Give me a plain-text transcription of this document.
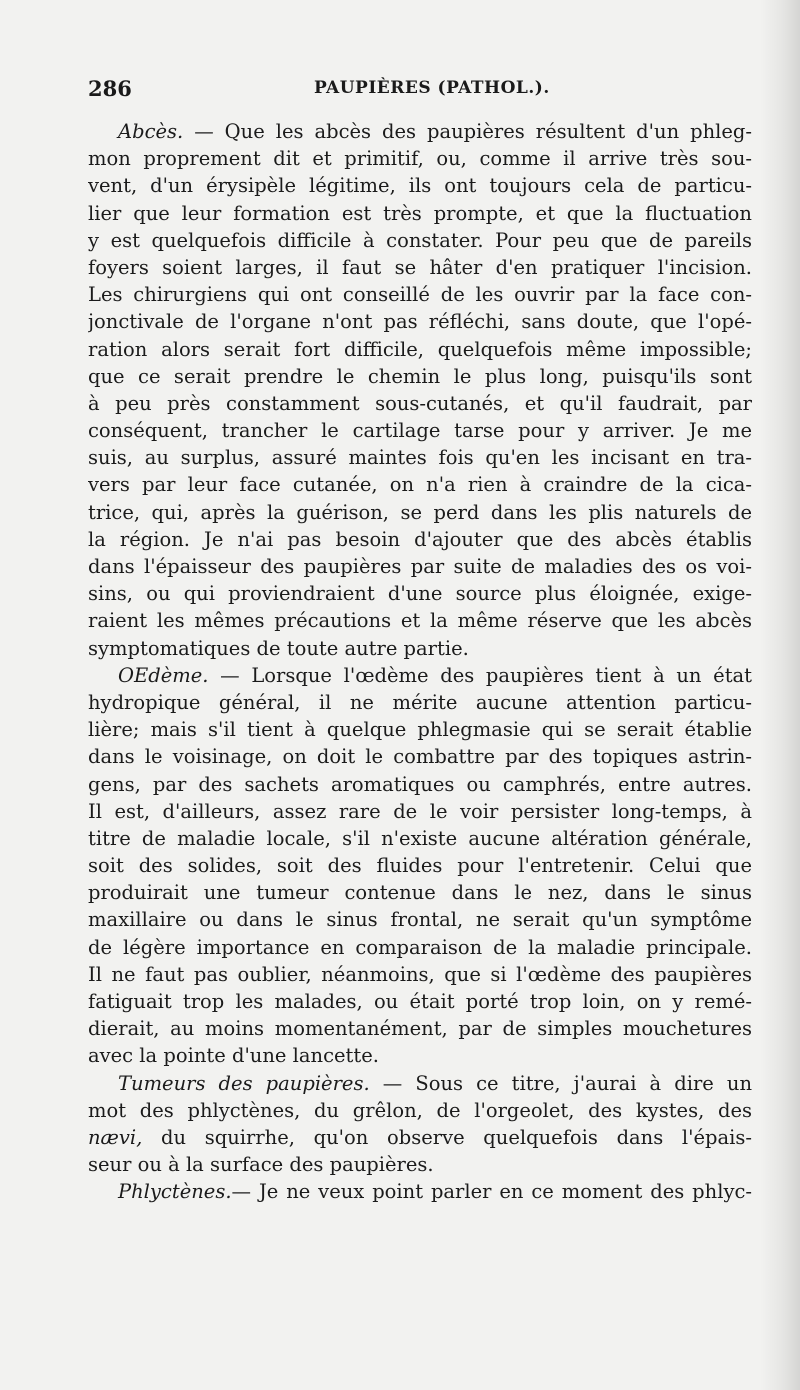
286	PAUPIÈRES (PATHOL.).
Abcès. — Que les abcès des paupières résultent d'un phleg-
mon proprement dit et primitif, ou, comme il arrive très sou-
vent, d'un érysipèle légitime, ils ont toujours cela de particu-
lier que leur formation est très prompte, et que la fluctuation
y est quelquefois difficile à constater. Pour peu que de pareils
foyers soient larges, il faut se hâter d'en pratiquer l'incision.
Les chirurgiens qui ont conseillé de les ouvrir par la face con-
jonctivale de l'organe n'ont pas réfléchi, sans doute, que l'opé-
ration alors serait fort difficile, quelquefois même impossible;
que ce serait prendre le chemin le plus long, puisqu'ils sont
à peu près constamment sous-cutanés, et qu'il faudrait, par
conséquent, trancher le cartilage tarse pour y arriver. Je me
suis, au surplus, assuré maintes fois qu'en les incisant en tra-
vers par leur face cutanée, on n'a rien à craindre de la cica-
trice, qui, après la guérison, se perd dans les plis naturels de
la région. Je n'ai pas besoin d'ajouter que des abcès établis
dans l'épaisseur des paupières par suite de maladies des os voi-
sins, ou qui proviendraient d'une source plus éloignée, exige-
raient les mêmes précautions et la même réserve que les abcès
symptomatiques de toute autre partie.
OEdème. — Lorsque l'œdème des paupières tient à un état
hydropique général, il ne mérite aucune attention particu-
lière; mais s'il tient à quelque phlegmasie qui se serait établie
dans le voisinage, on doit le combattre par des topiques astrin-
gens, par des sachets aromatiques ou camphrés, entre autres.
Il est, d'ailleurs, assez rare de le voir persister long-temps, à
titre de maladie locale, s'il n'existe aucune altération générale,
soit des solides, soit des fluides pour l'entretenir. Celui que
produirait une tumeur contenue dans le nez, dans le sinus
maxillaire ou dans le sinus frontal, ne serait qu'un symptôme
de légère importance en comparaison de la maladie principale.
Il ne faut pas oublier, néanmoins, que si l'œdème des paupières
fatiguait trop les malades, ou était porté trop loin, on y remé-
dierait, au moins momentanément, par de simples mouchetures
avec la pointe d'une lancette.
Tumeurs des paupières. — Sous ce titre, j'aurai à dire un
mot des phlyctènes, du grêlon, de l'orgeolet, des kystes, des
nævi, du squirrhe, qu'on observe quelquefois dans l'épais-
seur ou à la surface des paupières.
Phlyctènes.— Je ne veux point parler en ce moment des phlyc-
